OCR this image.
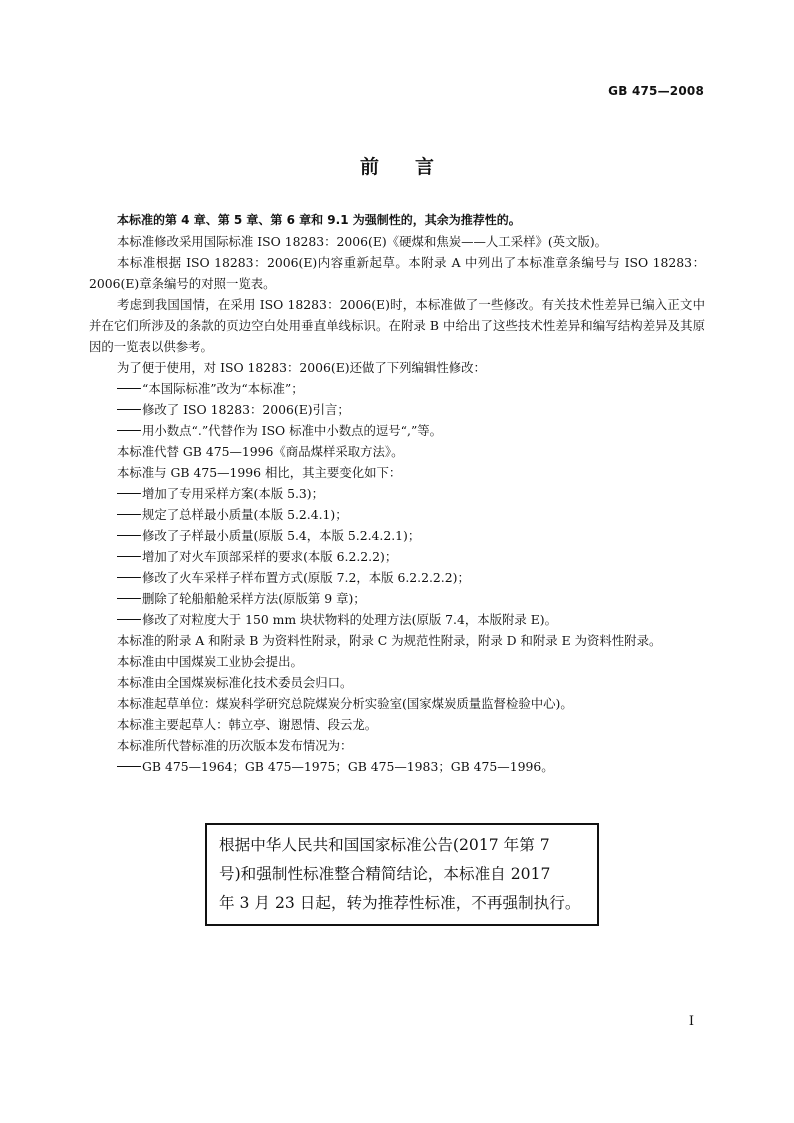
GB 475—2008
前 言

本标准的第 4 章、第 5 章、第 6 章和 9.1 为强制性的，其余为推荐性的。

本标准修改采用国际标准 ISO 18283：2006(E)《硬煤和焦炭——人工采样》(英文版)。

本标准根据 ISO 18283：2006(E)内容重新起草。本附录 A 中列出了本标准章条编号与 ISO 18283：2006(E)章条编号的对照一览表。

考虑到我国国情，在采用 ISO 18283：2006(E)时，本标准做了一些修改。有关技术性差异已编入正文中并在它们所涉及的条款的页边空白处用垂直单线标识。在附录 B 中给出了这些技术性差异和编写结构差异及其原因的一览表以供参考。

为了便于使用，对 ISO 18283：2006(E)还做了下列编辑性修改：

“本国际标准”改为“本标准”；

修改了 ISO 18283：2006(E)引言；

用小数点“.”代替作为 ISO 标准中小数点的逗号“,”等。

本标准代替 GB 475—1996《商品煤样采取方法》。

本标准与 GB 475—1996 相比，其主要变化如下：

增加了专用采样方案(本版 5.3)；

规定了总样最小质量(本版 5.2.4.1)；

修改了子样最小质量(原版 5.4，本版 5.2.4.2.1)；

增加了对火车顶部采样的要求(本版 6.2.2.2)；

修改了火车采样子样布置方式(原版 7.2，本版 6.2.2.2.2)；

删除了轮船船舱采样方法(原版第 9 章)；

修改了对粒度大于 150 mm 块状物料的处理方法(原版 7.4，本版附录 E)。

本标准的附录 A 和附录 B 为资料性附录，附录 C 为规范性附录，附录 D 和附录 E 为资料性附录。

本标准由中国煤炭工业协会提出。

本标准由全国煤炭标准化技术委员会归口。

本标准起草单位：煤炭科学研究总院煤炭分析实验室(国家煤炭质量监督检验中心)。

本标准主要起草人：韩立亭、谢恩情、段云龙。

本标准所代替标准的历次版本发布情况为：

GB 475—1964；GB 475—1975；GB 475—1983；GB 475—1996。

根据中华人民共和国国家标准公告(2017 年第 7
号)和强制性标准整合精简结论，本标准自 2017
年 3 月 23 日起，转为推荐性标准，不再强制执行。
I
